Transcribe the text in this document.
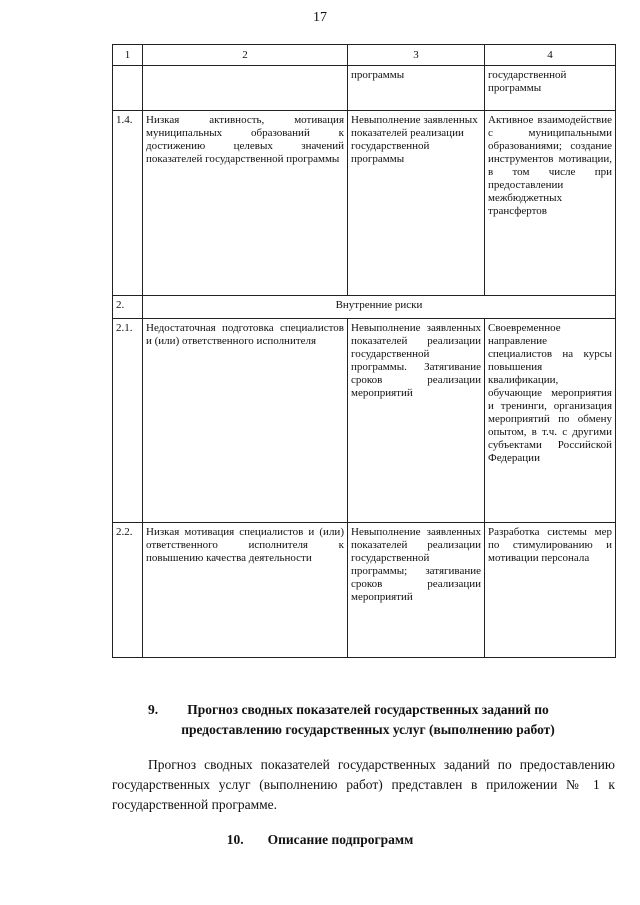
17
1	2	3	4
		программы	государственной программы
1.4.	Низкая активность, мотивация муниципальных образований к достижению целевых значений показателей государственной программы	Невыполнение заявленных показателей реализации государственной программы	Активное взаимодействие с муниципальными образованиями; создание инструментов мотивации, в том числе при предоставлении межбюджетных трансфертов
2.	Внутренние риски		
2.1.	Недостаточная подготовка специалистов и (или) ответственного исполнителя	Невыполнение заявленных показателей реализации государственной программы. Затягивание сроков реализации мероприятий	Своевременное направление специалистов на курсы повышения квалификации, обучающие мероприятия и тренинги, организация мероприятий по обмену опытом, в т.ч. с другими субъектами Российской Федерации
2.2.	Низкая мотивация специалистов и (или) ответственного исполнителя к повышению качества деятельности	Невыполнение заявленных показателей реализации государственной программы; затягивание сроков реализации мероприятий	Разработка системы мер по стимулированию и мотивации персонала
9. Прогноз сводных показателей государственных заданий по предоставлению государственных услуг (выполнению работ)
Прогноз сводных показателей государственных заданий по предоставлению государственных услуг (выполнению работ) представлен в приложении № 1 к государственной программе.
10. Описание подпрограмм
